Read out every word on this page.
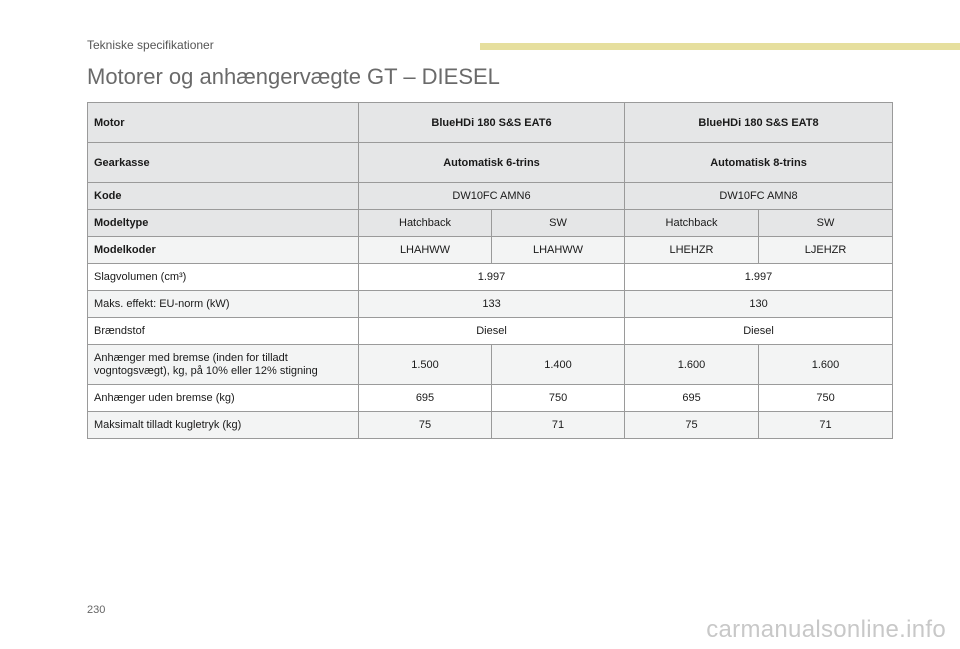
Tekniske specifikationer
Motorer og anhængervægte GT – DIESEL
Motor	BlueHDi 180 S&S EAT6		BlueHDi 180 S&S EAT8	
Gearkasse	Automatisk 6-trins		Automatisk 8-trins	
Kode	DW10FC AMN6		DW10FC AMN8	
Modeltype	Hatchback	SW	Hatchback	SW
Modelkoder	LHAHWW	LHAHWW	LHEHZR	LJEHZR
Slagvolumen (cm³)	1.997		1.997	
Maks. effekt: EU-norm (kW)	133		130	
Brændstof	Diesel		Diesel	
Anhænger med bremse (inden for tilladt
vogntogsvægt), kg, på 10% eller 12% stigning	1.500	1.400	1.600	1.600
Anhænger uden bremse (kg)	695	750	695	750
Maksimalt tilladt kugletryk (kg)	75	71	75	71
230
carmanualsonline.info
